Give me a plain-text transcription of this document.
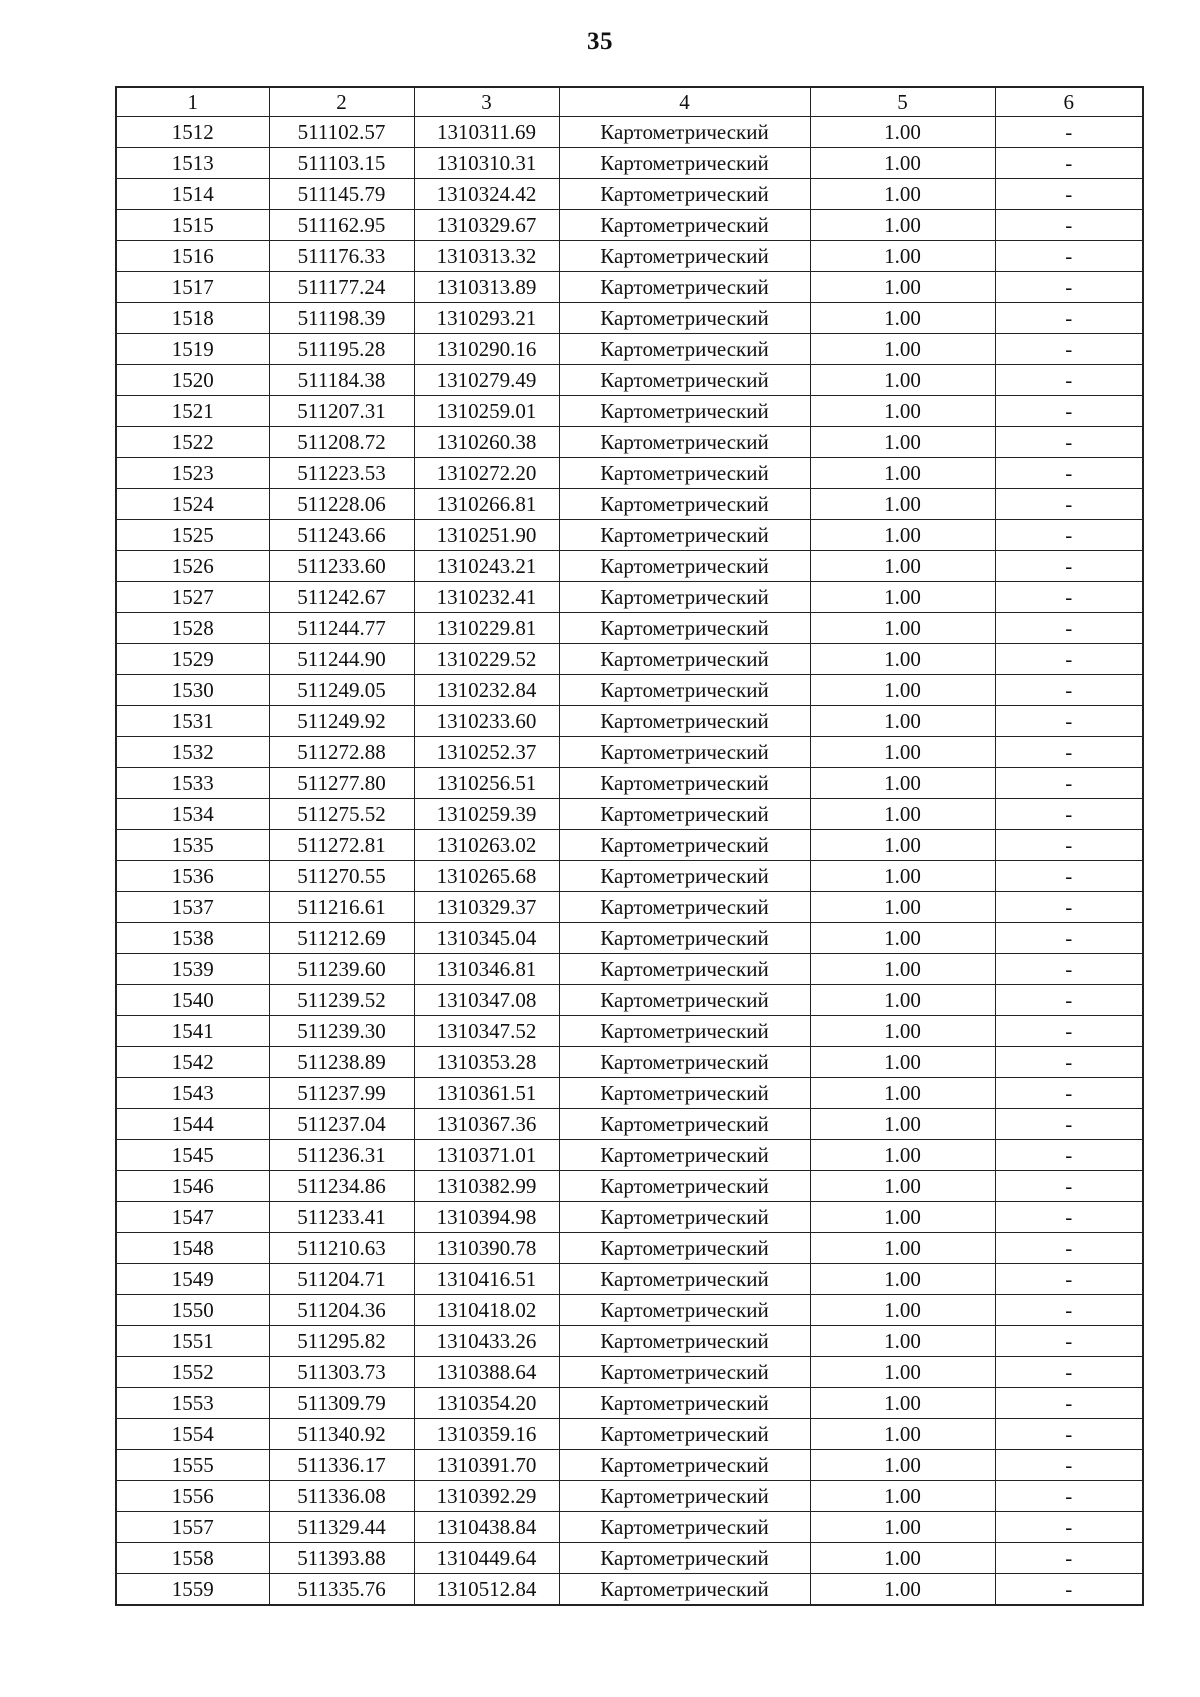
35
1	2	3	4	5	6
1512	511102.57	1310311.69	Картометрический	1.00	-
1513	511103.15	1310310.31	Картометрический	1.00	-
1514	511145.79	1310324.42	Картометрический	1.00	-
1515	511162.95	1310329.67	Картометрический	1.00	-
1516	511176.33	1310313.32	Картометрический	1.00	-
1517	511177.24	1310313.89	Картометрический	1.00	-
1518	511198.39	1310293.21	Картометрический	1.00	-
1519	511195.28	1310290.16	Картометрический	1.00	-
1520	511184.38	1310279.49	Картометрический	1.00	-
1521	511207.31	1310259.01	Картометрический	1.00	-
1522	511208.72	1310260.38	Картометрический	1.00	-
1523	511223.53	1310272.20	Картометрический	1.00	-
1524	511228.06	1310266.81	Картометрический	1.00	-
1525	511243.66	1310251.90	Картометрический	1.00	-
1526	511233.60	1310243.21	Картометрический	1.00	-
1527	511242.67	1310232.41	Картометрический	1.00	-
1528	511244.77	1310229.81	Картометрический	1.00	-
1529	511244.90	1310229.52	Картометрический	1.00	-
1530	511249.05	1310232.84	Картометрический	1.00	-
1531	511249.92	1310233.60	Картометрический	1.00	-
1532	511272.88	1310252.37	Картометрический	1.00	-
1533	511277.80	1310256.51	Картометрический	1.00	-
1534	511275.52	1310259.39	Картометрический	1.00	-
1535	511272.81	1310263.02	Картометрический	1.00	-
1536	511270.55	1310265.68	Картометрический	1.00	-
1537	511216.61	1310329.37	Картометрический	1.00	-
1538	511212.69	1310345.04	Картометрический	1.00	-
1539	511239.60	1310346.81	Картометрический	1.00	-
1540	511239.52	1310347.08	Картометрический	1.00	-
1541	511239.30	1310347.52	Картометрический	1.00	-
1542	511238.89	1310353.28	Картометрический	1.00	-
1543	511237.99	1310361.51	Картометрический	1.00	-
1544	511237.04	1310367.36	Картометрический	1.00	-
1545	511236.31	1310371.01	Картометрический	1.00	-
1546	511234.86	1310382.99	Картометрический	1.00	-
1547	511233.41	1310394.98	Картометрический	1.00	-
1548	511210.63	1310390.78	Картометрический	1.00	-
1549	511204.71	1310416.51	Картометрический	1.00	-
1550	511204.36	1310418.02	Картометрический	1.00	-
1551	511295.82	1310433.26	Картометрический	1.00	-
1552	511303.73	1310388.64	Картометрический	1.00	-
1553	511309.79	1310354.20	Картометрический	1.00	-
1554	511340.92	1310359.16	Картометрический	1.00	-
1555	511336.17	1310391.70	Картометрический	1.00	-
1556	511336.08	1310392.29	Картометрический	1.00	-
1557	511329.44	1310438.84	Картометрический	1.00	-
1558	511393.88	1310449.64	Картометрический	1.00	-
1559	511335.76	1310512.84	Картометрический	1.00	-
